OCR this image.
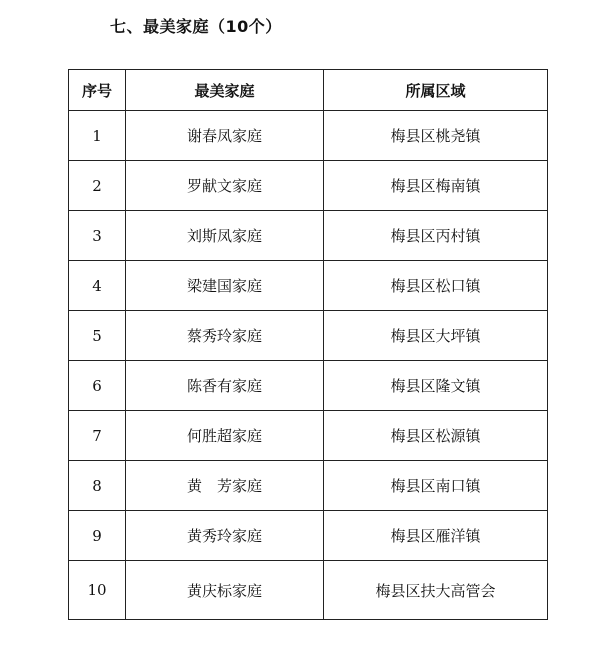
七、最美家庭（10个）
序号	最美家庭	所属区域
1	谢春凤家庭	梅县区桃尧镇
2	罗献文家庭	梅县区梅南镇
3	刘斯凤家庭	梅县区丙村镇
4	梁建国家庭	梅县区松口镇
5	蔡秀玲家庭	梅县区大坪镇
6	陈香有家庭	梅县区隆文镇
7	何胜超家庭	梅县区松源镇
8	黄　芳家庭	梅县区南口镇
9	黄秀玲家庭	梅县区雁洋镇
10	黄庆标家庭	梅县区扶大高管会
